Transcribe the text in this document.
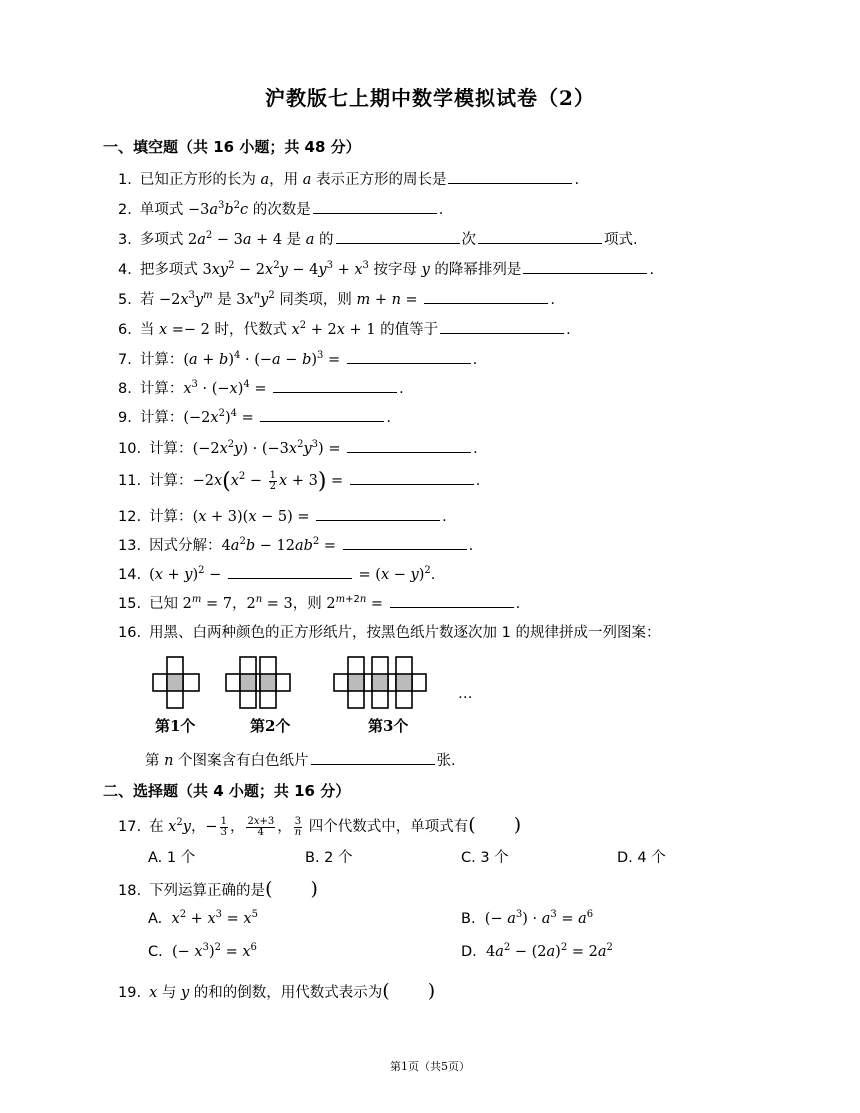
沪教版七上期中数学模拟试卷（2）
一、填空题（共 16 小题；共 48 分）
1. 已知正方形的长为 a，用 a 表示正方形的周长是	.
2. 单项式 $-3a^3b^2c$ 的次数是	.
3. 多项式 $2a^2 - 3a + 4$ 是 a 的	次	项式.
4. 把多项式 $3xy^2 - 2x^2y - 4y^3 + x^3$ 按字母 y 的降幂排列是	.
5. 若 $-2x^3y^m$ 是 $3x^ny^2$ 同类项，则 m + n =	.
6. 当 x =− 2 时，代数式 $x^2 + 2x + 1$ 的值等于	.
7. 计算：$(a + b)^4 \cdot (-a - b)^3$ =	.
8. 计算：$x^3 \cdot (-x)^4$ =	.
9. 计算：$(-2x^2)^4$ =	.
10. 计算：$(-2x^2y) \cdot (-3x^2y^3)$ =	.
11. 计算：$-2x(x^2 - \frac{1}{2}$ x + 3) =	.
12. 计算：(x + 3)(x − 5) =	.
13. 因式分解：$4a^2b - 12ab^2$ =	.
14. $(x + y)^2$ −	= $(x - y)^2$.
15. 已知 $2^m = 7$，$2^n = 3$，则 $2^{m+2n}$ =	.
16. 用黑、白两种颜色的正方形纸片，按黑色纸片数逐次加 1 的规律拼成一列图案：
…
第1个	第2个	第3个
第 n 个图案含有白色纸片	张.
二、选择题（共 4 小题；共 16 分）
17. 在 $x^2y$，− $\frac{1}{3}$ ， $\frac{2x+3}{4}$ ， $\frac{3}{n}$ 四个代数式中，单项式有(　　)
A. 1 个	B. 2 个	C. 3 个	D. 4 个
18. 下列运算正确的是(　　)
A.  $x^2 + x^3 = x^5$	B.  (− $a^3) \cdot a^3 = a^6$
C.  (− $x^3)^2 = x^6$	D.  $4a^2 - (2a)^2 = 2a^2$
19. x 与 y 的和的倒数，用代数式表示为(　　)
第1页（共5页）
